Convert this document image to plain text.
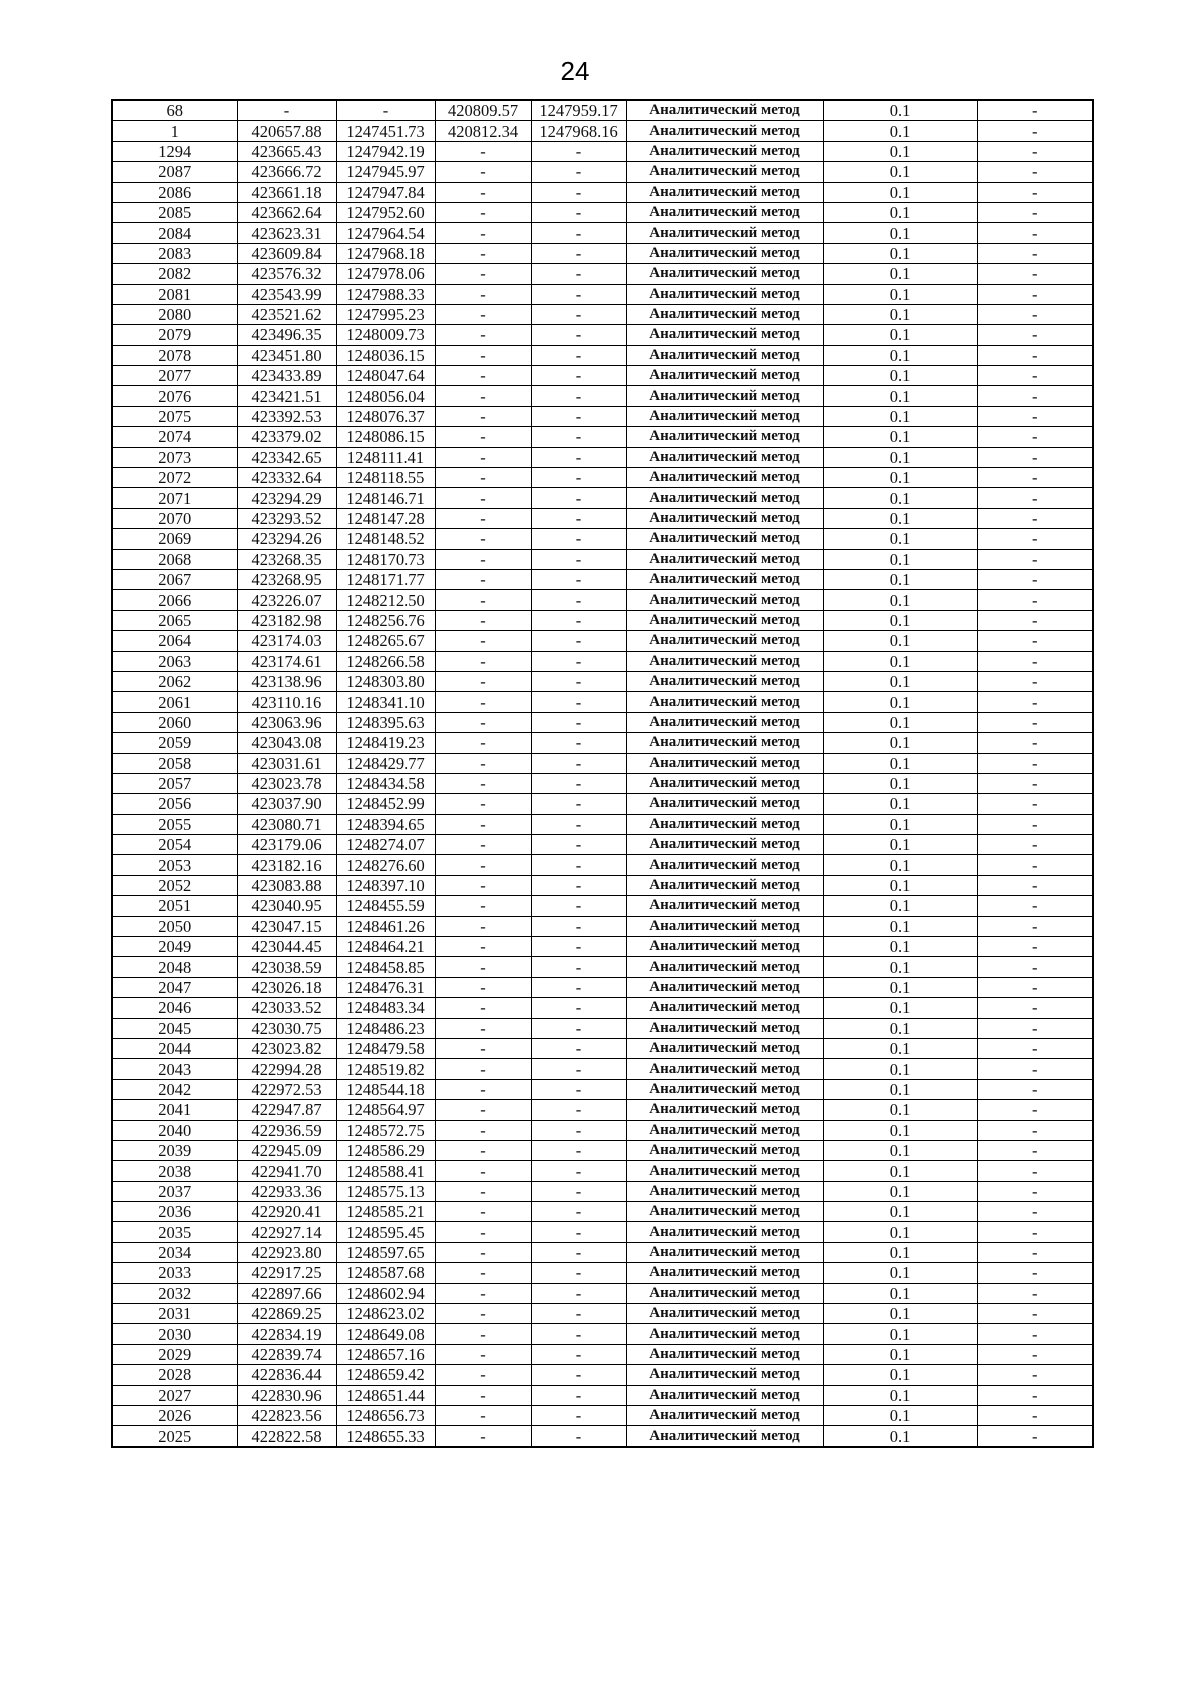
24
68	-	-	420809.57	1247959.17	Аналитический метод	0.1	-
1	420657.88	1247451.73	420812.34	1247968.16	Аналитический метод	0.1	-
1294	423665.43	1247942.19	-	-	Аналитический метод	0.1	-
2087	423666.72	1247945.97	-	-	Аналитический метод	0.1	-
2086	423661.18	1247947.84	-	-	Аналитический метод	0.1	-
2085	423662.64	1247952.60	-	-	Аналитический метод	0.1	-
2084	423623.31	1247964.54	-	-	Аналитический метод	0.1	-
2083	423609.84	1247968.18	-	-	Аналитический метод	0.1	-
2082	423576.32	1247978.06	-	-	Аналитический метод	0.1	-
2081	423543.99	1247988.33	-	-	Аналитический метод	0.1	-
2080	423521.62	1247995.23	-	-	Аналитический метод	0.1	-
2079	423496.35	1248009.73	-	-	Аналитический метод	0.1	-
2078	423451.80	1248036.15	-	-	Аналитический метод	0.1	-
2077	423433.89	1248047.64	-	-	Аналитический метод	0.1	-
2076	423421.51	1248056.04	-	-	Аналитический метод	0.1	-
2075	423392.53	1248076.37	-	-	Аналитический метод	0.1	-
2074	423379.02	1248086.15	-	-	Аналитический метод	0.1	-
2073	423342.65	1248111.41	-	-	Аналитический метод	0.1	-
2072	423332.64	1248118.55	-	-	Аналитический метод	0.1	-
2071	423294.29	1248146.71	-	-	Аналитический метод	0.1	-
2070	423293.52	1248147.28	-	-	Аналитический метод	0.1	-
2069	423294.26	1248148.52	-	-	Аналитический метод	0.1	-
2068	423268.35	1248170.73	-	-	Аналитический метод	0.1	-
2067	423268.95	1248171.77	-	-	Аналитический метод	0.1	-
2066	423226.07	1248212.50	-	-	Аналитический метод	0.1	-
2065	423182.98	1248256.76	-	-	Аналитический метод	0.1	-
2064	423174.03	1248265.67	-	-	Аналитический метод	0.1	-
2063	423174.61	1248266.58	-	-	Аналитический метод	0.1	-
2062	423138.96	1248303.80	-	-	Аналитический метод	0.1	-
2061	423110.16	1248341.10	-	-	Аналитический метод	0.1	-
2060	423063.96	1248395.63	-	-	Аналитический метод	0.1	-
2059	423043.08	1248419.23	-	-	Аналитический метод	0.1	-
2058	423031.61	1248429.77	-	-	Аналитический метод	0.1	-
2057	423023.78	1248434.58	-	-	Аналитический метод	0.1	-
2056	423037.90	1248452.99	-	-	Аналитический метод	0.1	-
2055	423080.71	1248394.65	-	-	Аналитический метод	0.1	-
2054	423179.06	1248274.07	-	-	Аналитический метод	0.1	-
2053	423182.16	1248276.60	-	-	Аналитический метод	0.1	-
2052	423083.88	1248397.10	-	-	Аналитический метод	0.1	-
2051	423040.95	1248455.59	-	-	Аналитический метод	0.1	-
2050	423047.15	1248461.26	-	-	Аналитический метод	0.1	-
2049	423044.45	1248464.21	-	-	Аналитический метод	0.1	-
2048	423038.59	1248458.85	-	-	Аналитический метод	0.1	-
2047	423026.18	1248476.31	-	-	Аналитический метод	0.1	-
2046	423033.52	1248483.34	-	-	Аналитический метод	0.1	-
2045	423030.75	1248486.23	-	-	Аналитический метод	0.1	-
2044	423023.82	1248479.58	-	-	Аналитический метод	0.1	-
2043	422994.28	1248519.82	-	-	Аналитический метод	0.1	-
2042	422972.53	1248544.18	-	-	Аналитический метод	0.1	-
2041	422947.87	1248564.97	-	-	Аналитический метод	0.1	-
2040	422936.59	1248572.75	-	-	Аналитический метод	0.1	-
2039	422945.09	1248586.29	-	-	Аналитический метод	0.1	-
2038	422941.70	1248588.41	-	-	Аналитический метод	0.1	-
2037	422933.36	1248575.13	-	-	Аналитический метод	0.1	-
2036	422920.41	1248585.21	-	-	Аналитический метод	0.1	-
2035	422927.14	1248595.45	-	-	Аналитический метод	0.1	-
2034	422923.80	1248597.65	-	-	Аналитический метод	0.1	-
2033	422917.25	1248587.68	-	-	Аналитический метод	0.1	-
2032	422897.66	1248602.94	-	-	Аналитический метод	0.1	-
2031	422869.25	1248623.02	-	-	Аналитический метод	0.1	-
2030	422834.19	1248649.08	-	-	Аналитический метод	0.1	-
2029	422839.74	1248657.16	-	-	Аналитический метод	0.1	-
2028	422836.44	1248659.42	-	-	Аналитический метод	0.1	-
2027	422830.96	1248651.44	-	-	Аналитический метод	0.1	-
2026	422823.56	1248656.73	-	-	Аналитический метод	0.1	-
2025	422822.58	1248655.33	-	-	Аналитический метод	0.1	-
